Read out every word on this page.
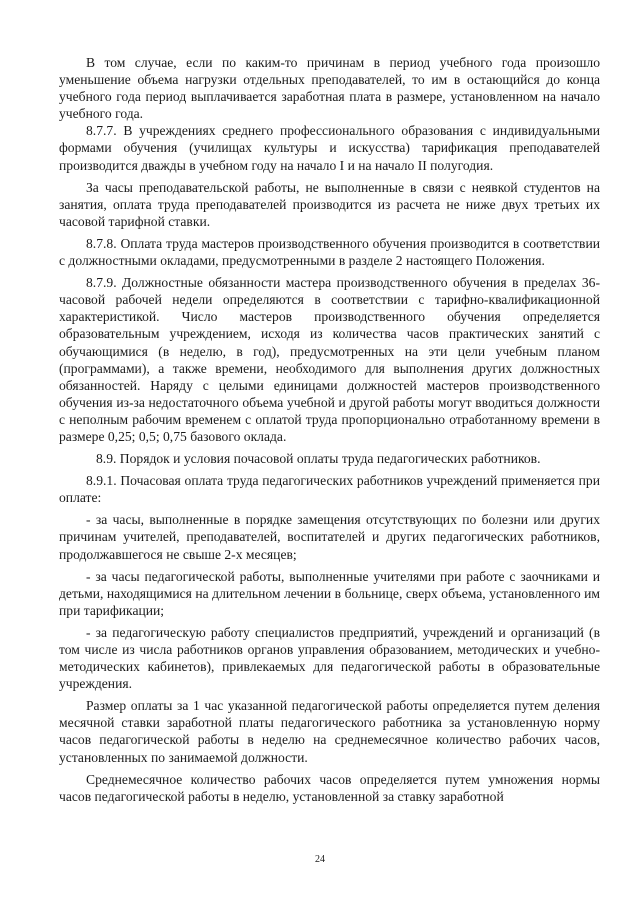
В том случае, если по каким-то причинам в период учебного года произошло уменьшение объема нагрузки отдельных преподавателей, то им в остающийся до конца учебного года период выплачивается заработная плата в размере, установленном на начало учебного года.

8.7.7. В учреждениях среднего профессионального образования с индивидуальными формами обучения (училищах культуры и искусства) тарификация преподавателей производится дважды в учебном году на начало I и на начало II полугодия.

За часы преподавательской работы, не выполненные в связи с неявкой студентов на занятия, оплата труда преподавателей производится из расчета не ниже двух третьих их часовой тарифной ставки.

8.7.8. Оплата труда мастеров производственного обучения производится в соответствии с должностными окладами, предусмотренными в разделе 2 настоящего Положения.

8.7.9. Должностные обязанности мастера производственного обучения в пределах 36-часовой рабочей недели определяются в соответствии с тарифно-квалификационной характеристикой. Число мастеров производственного обучения определяется образовательным учреждением, исходя из количества часов практических занятий с обучающимися (в неделю, в год), предусмотренных на эти цели учебным планом (программами), а также времени, необходимого для выполнения других должностных обязанностей. Наряду с целыми единицами должностей мастеров производственного обучения из-за недостаточного объема учебной и другой работы могут вводиться должности с неполным рабочим временем с оплатой труда пропорционально отработанному времени в размере 0,25; 0,5; 0,75 базового оклада.

8.9. Порядок и условия почасовой оплаты труда педагогических работников.

8.9.1. Почасовая оплата труда педагогических работников учреждений применяется при оплате:

- за часы, выполненные в порядке замещения отсутствующих по болезни или других причинам учителей, преподавателей, воспитателей и других педагогических работников, продолжавшегося не свыше 2-х месяцев;

- за часы педагогической работы, выполненные учителями при работе с заочниками и детьми, находящимися на длительном лечении в больнице, сверх объема, установленного им при тарификации;

- за педагогическую работу специалистов предприятий, учреждений и организаций (в том числе из числа работников органов управления образованием, методических и учебно-методических кабинетов), привлекаемых для педагогической работы в образовательные учреждения.

Размер оплаты за 1 час указанной педагогической работы определяется путем деления месячной ставки заработной платы педагогического работника за установленную норму часов педагогической работы в неделю на среднемесячное количество рабочих часов, установленных по занимаемой должности.

Среднемесячное количество рабочих часов определяется путем умножения нормы часов педагогической работы в неделю, установленной за ставку заработной

24
